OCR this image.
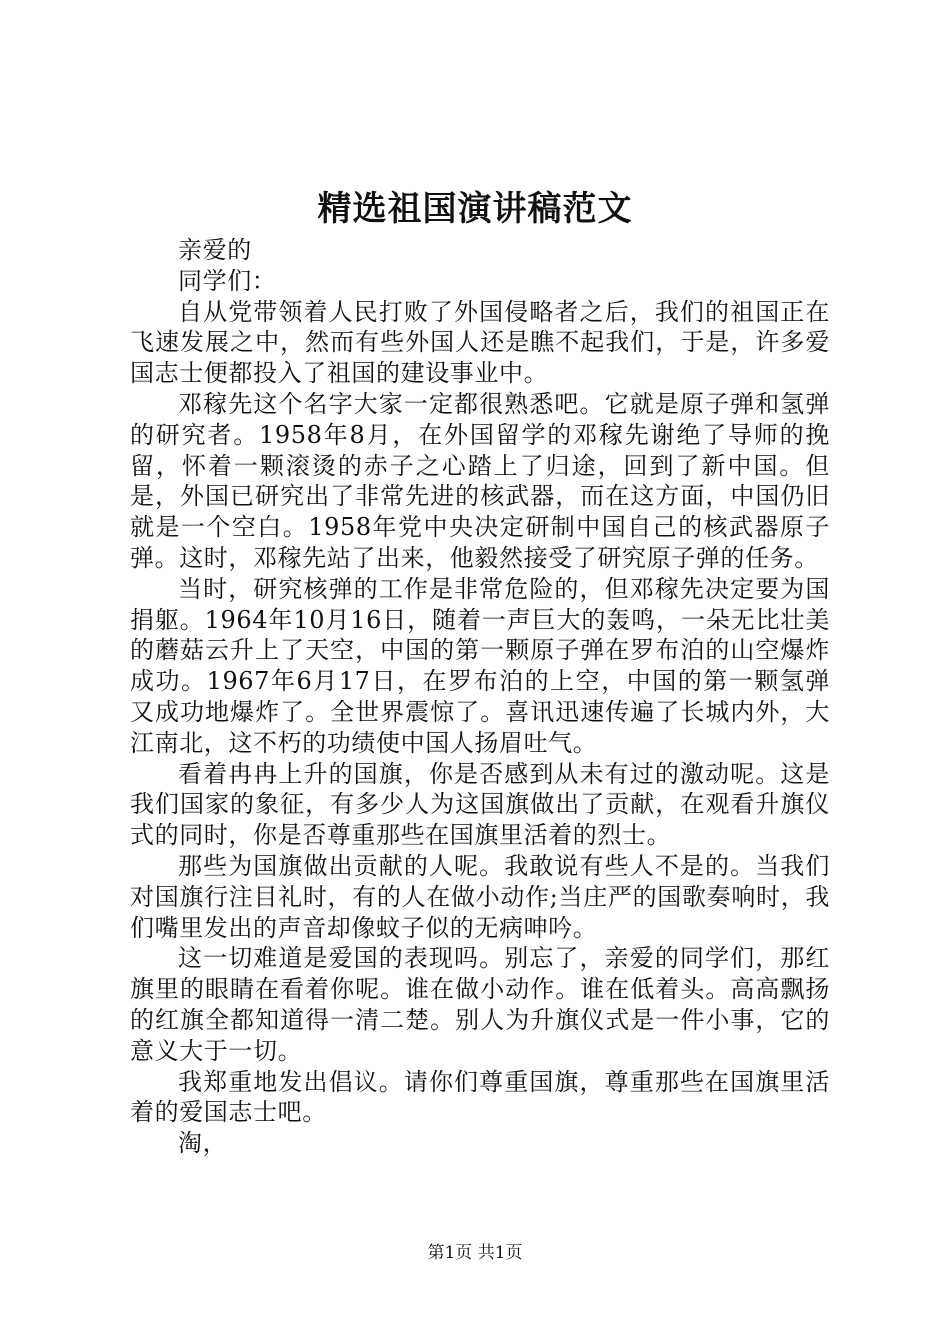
精选祖国演讲稿范文

亲爱的

同学们：

自从党带领着人民打败了外国侵略者之后，我们的祖国正在飞速发展之中，然而有些外国人还是瞧不起我们，于是，许多爱国志士便都投入了祖国的建设事业中。

邓稼先这个名字大家一定都很熟悉吧。它就是原子弹和氢弹的研究者。1958年8月，在外国留学的邓稼先谢绝了导师的挽留，怀着一颗滚烫的赤子之心踏上了归途，回到了新中国。但是，外国已研究出了非常先进的核武器，而在这方面，中国仍旧就是一个空白。1958年党中央决定研制中国自己的核武器原子弹。这时，邓稼先站了出来，他毅然接受了研究原子弹的任务。

当时，研究核弹的工作是非常危险的，但邓稼先决定要为国捐躯。1964年10月16日，随着一声巨大的轰鸣，一朵无比壮美的蘑菇云升上了天空，中国的第一颗原子弹在罗布泊的山空爆炸成功。1967年6月17日，在罗布泊的上空，中国的第一颗氢弹又成功地爆炸了。全世界震惊了。喜讯迅速传遍了长城内外，大江南北，这不朽的功绩使中国人扬眉吐气。

看着冉冉上升的国旗，你是否感到从未有过的激动呢。这是我们国家的象征，有多少人为这国旗做出了贡献，在观看升旗仪式的同时，你是否尊重那些在国旗里活着的烈士。

那些为国旗做出贡献的人呢。我敢说有些人不是的。当我们对国旗行注目礼时，有的人在做小动作;当庄严的国歌奏响时，我们嘴里发出的声音却像蚊子似的无病呻吟。

这一切难道是爱国的表现吗。别忘了，亲爱的同学们，那红旗里的眼睛在看着你呢。谁在做小动作。谁在低着头。高高飘扬的红旗全都知道得一清二楚。别人为升旗仪式是一件小事，它的意义大于一切。

我郑重地发出倡议。请你们尊重国旗，尊重那些在国旗里活着的爱国志士吧。

淘，

第1页 共1页
